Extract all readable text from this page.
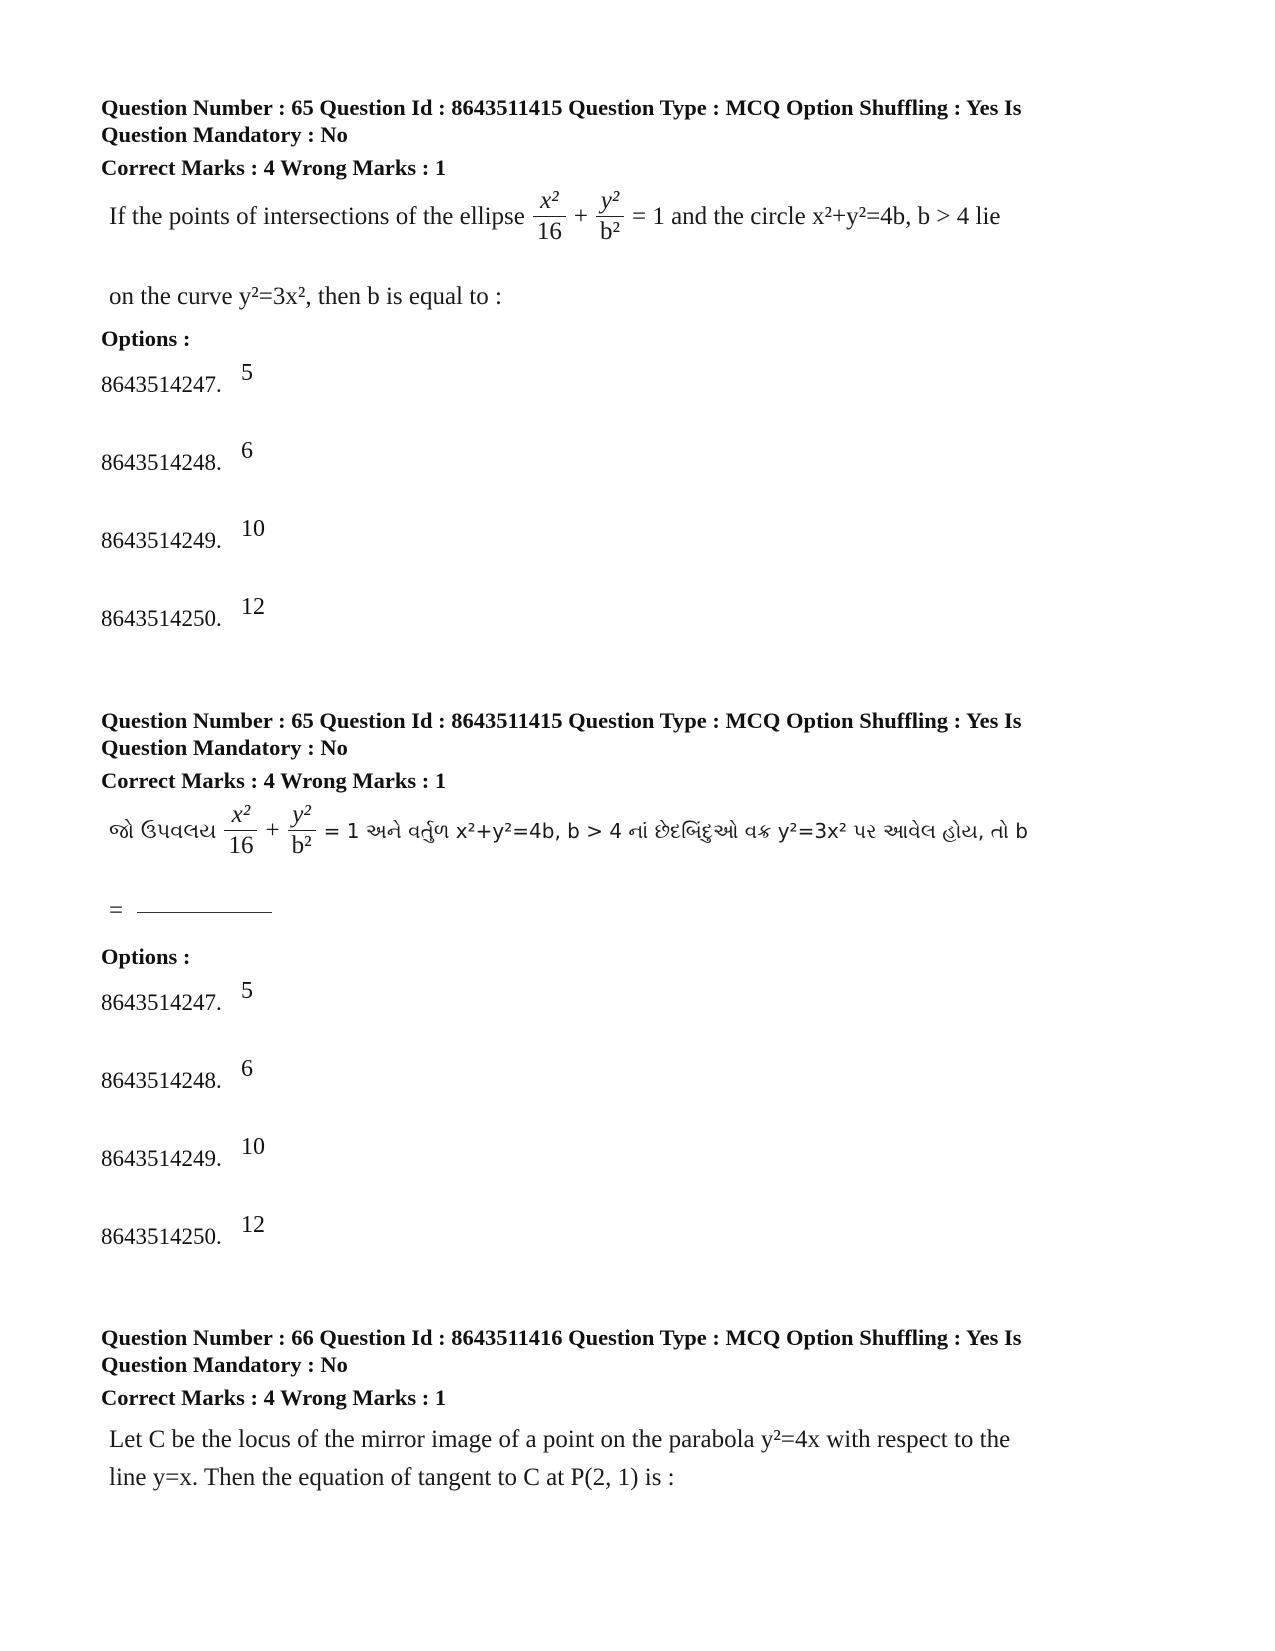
Question Number : 65 Question Id : 8643511415 Question Type : MCQ Option Shuffling : Yes Is
Question Mandatory : No
Correct Marks : 4 Wrong Marks : 1
If the points of intersections of the ellipse $\frac{\text{x²}}{16} + \frac{\text{y²}}{\text{b²}} = 1$ and the circle x²+y²=4b, b > 4 lie
on the curve y²=3x², then b is equal to :
Options :
8643514247. 5
8643514248. 6
8643514249. 10
8643514250. 12
Question Number : 65 Question Id : 8643511415 Question Type : MCQ Option Shuffling : Yes Is
Question Mandatory : No
Correct Marks : 4 Wrong Marks : 1
જો ઉપવલય $\frac{\text{x²}}{16} + \frac{\text{y²}}{\text{b²}} = 1$ અને વર્તુળ x²+y²=4b, b > 4 નાં છેદબિંદુઓ વક્ર y²=3x² પર આવેલ હોય, તો b
=
Options :
8643514247. 5
8643514248. 6
8643514249. 10
8643514250. 12
Question Number : 66 Question Id : 8643511416 Question Type : MCQ Option Shuffling : Yes Is
Question Mandatory : No
Correct Marks : 4 Wrong Marks : 1
Let C be the locus of the mirror image of a point on the parabola y²=4x with respect to the
line y=x. Then the equation of tangent to C at P(2, 1) is :
